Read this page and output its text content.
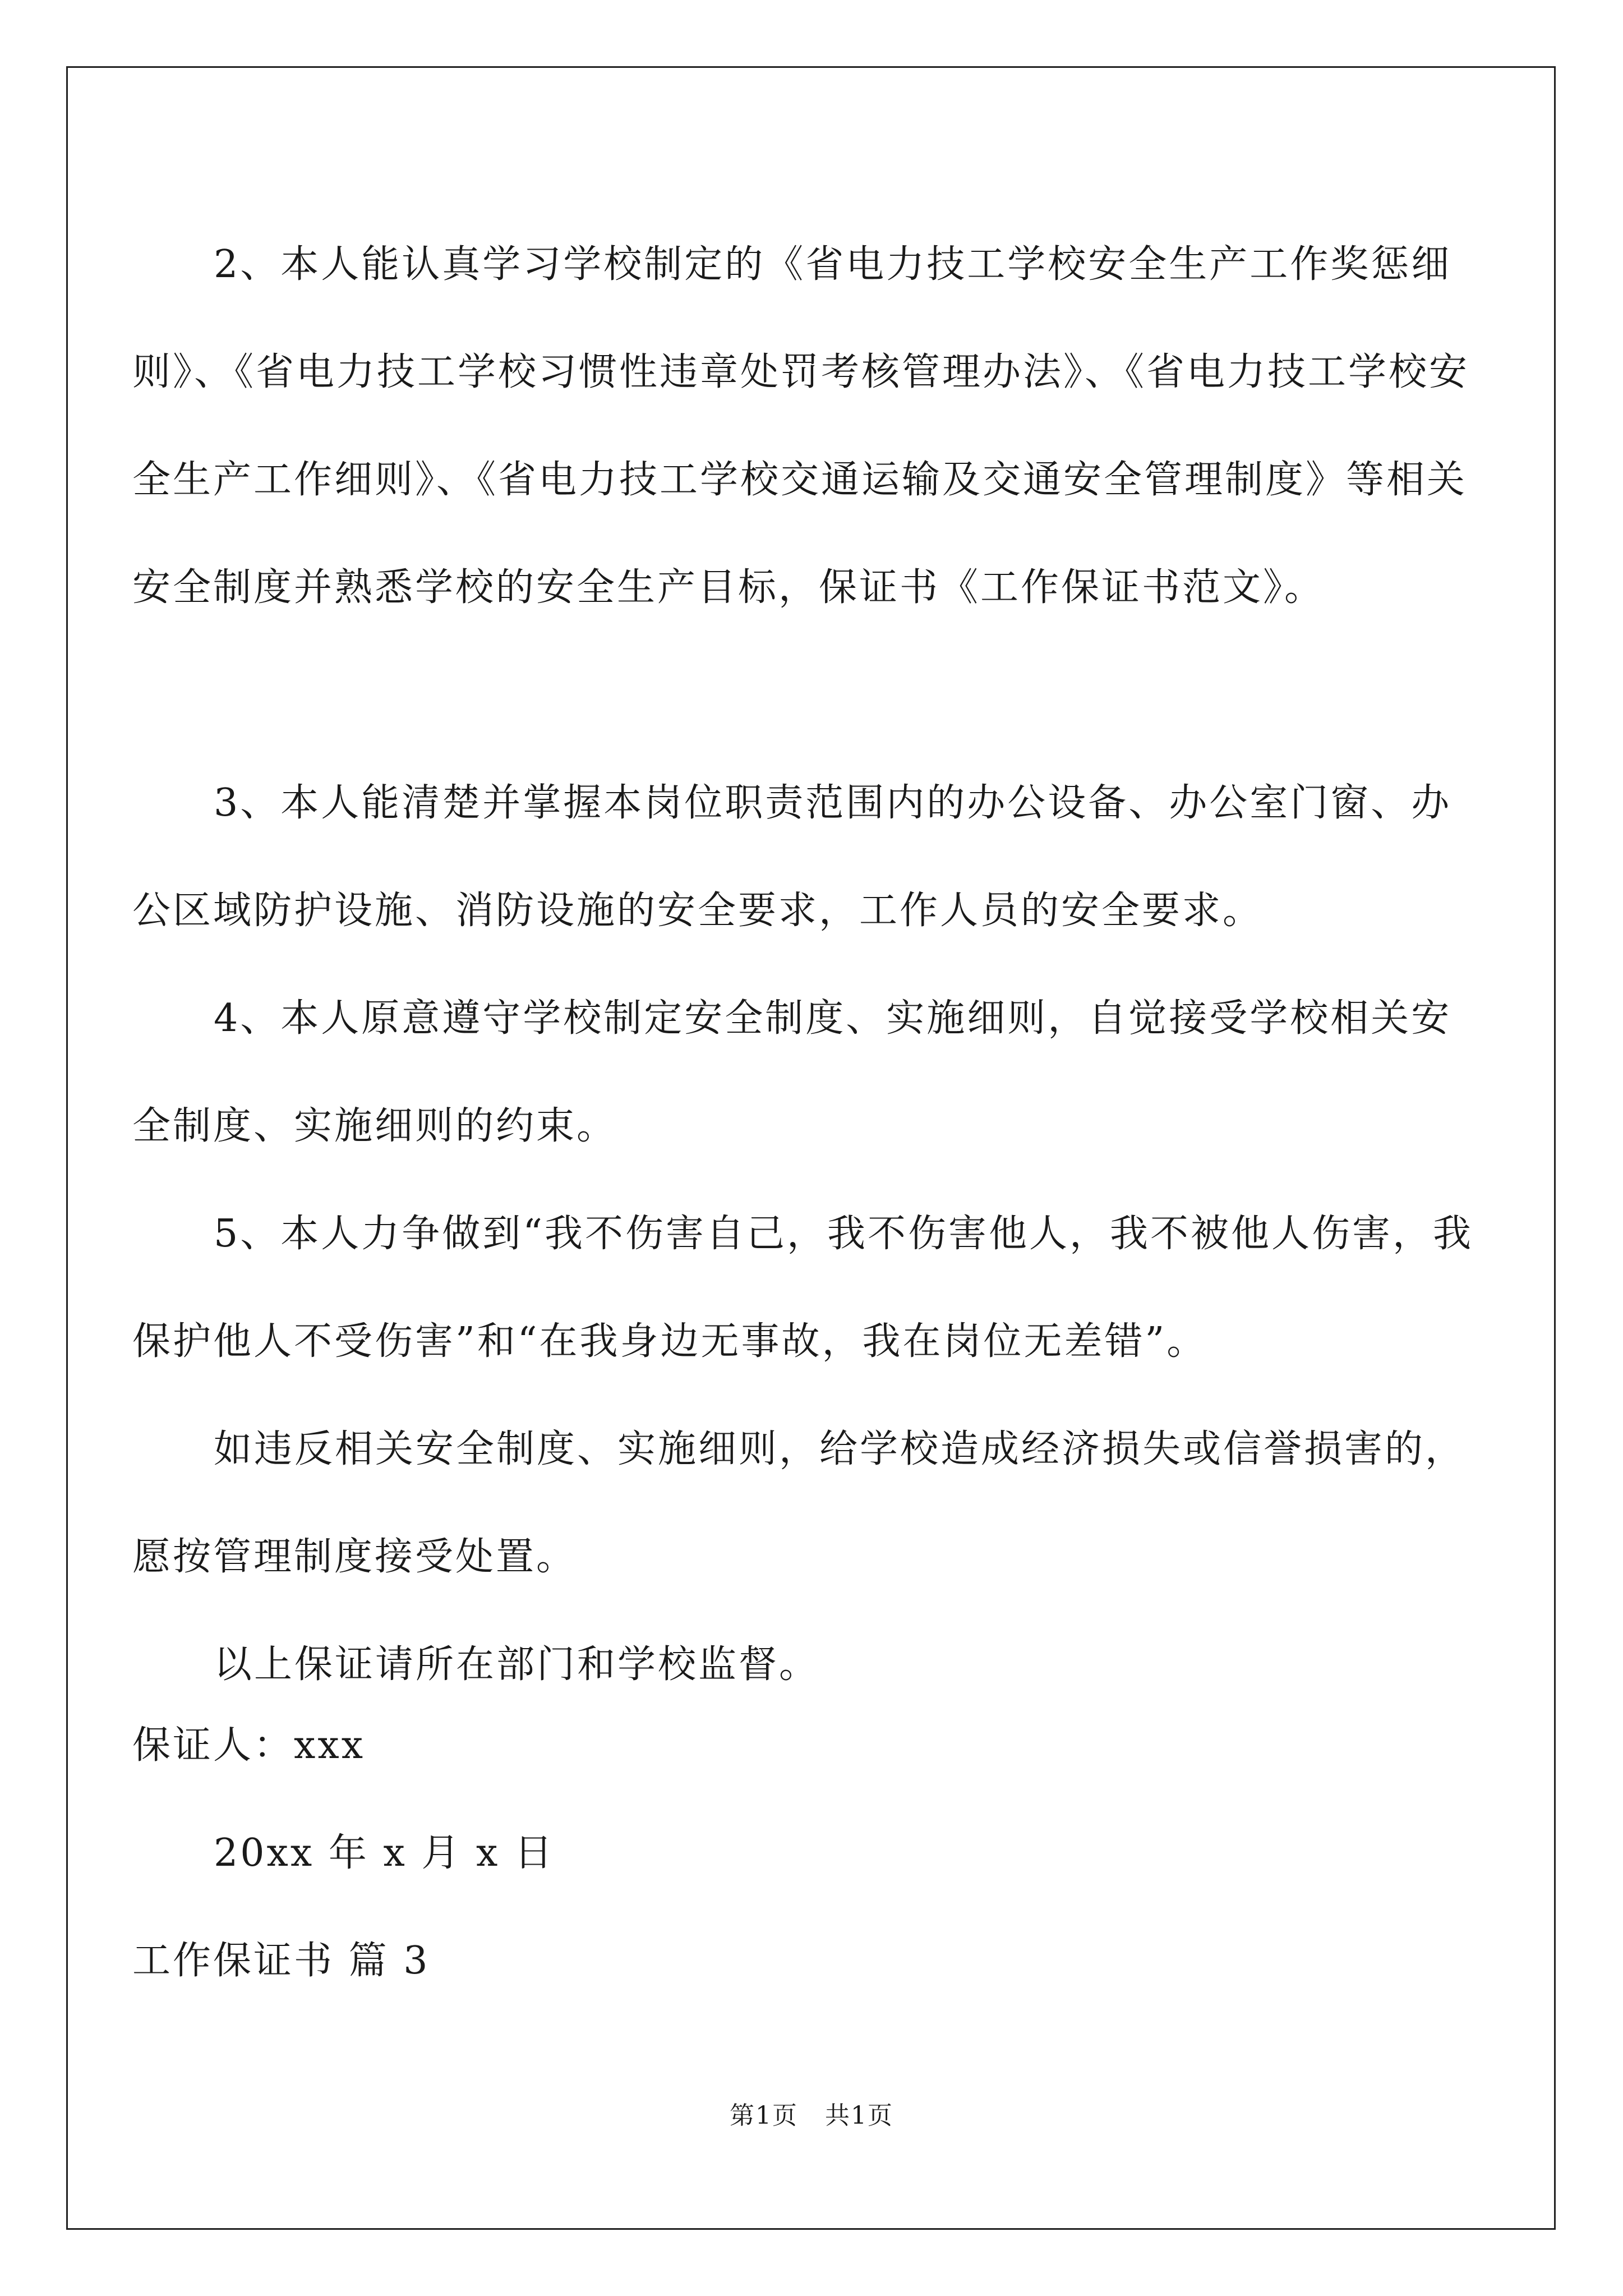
2、本人能认真学习学校制定的《省电力技工学校安全生产工作奖惩细则》、《省电力技工学校习惯性违章处罚考核管理办法》、《省电力技工学校安全生产工作细则》、《省电力技工学校交通运输及交通安全管理制度》等相关安全制度并熟悉学校的安全生产目标，保证书《工作保证书范文》。

3、本人能清楚并掌握本岗位职责范围内的办公设备、办公室门窗、办公区域防护设施、消防设施的安全要求，工作人员的安全要求。

4、本人原意遵守学校制定安全制度、实施细则，自觉接受学校相关安全制度、实施细则的约束。

5、本人力争做到“我不伤害自己，我不伤害他人，我不被他人伤害，我保护他人不受伤害”和“在我身边无事故，我在岗位无差错”。

如违反相关安全制度、实施细则，给学校造成经济损失或信誉损害的，愿按管理制度接受处置。

以上保证请所在部门和学校监督。

保证人：xxx
20xx 年 x 月 x 日
工作保证书 篇 3
第1页   共1页
